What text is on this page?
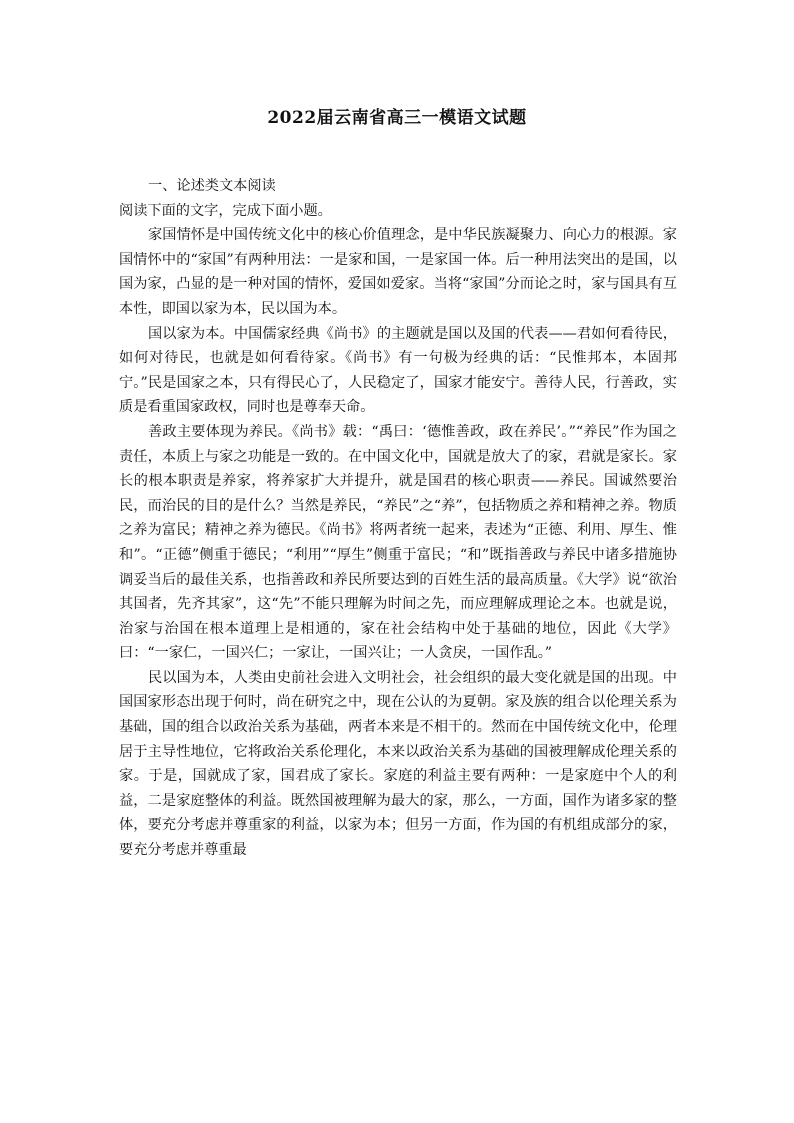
2022届云南省高三一模语文试题

一、论述类文本阅读

阅读下面的文字，完成下面小题。

家国情怀是中国传统文化中的核心价值理念，是中华民族凝聚力、向心力的根源。家国情怀中的“家国”有两种用法：一是家和国，一是家国一体。后一种用法突出的是国，以国为家，凸显的是一种对国的情怀，爱国如爱家。当将“家国”分而论之时，家与国具有互本性，即国以家为本，民以国为本。

国以家为本。中国儒家经典《尚书》的主题就是国以及国的代表——君如何看待民，如何对待民，也就是如何看待家。《尚书》有一句极为经典的话：“民惟邦本，本固邦宁。”民是国家之本，只有得民心了，人民稳定了，国家才能安宁。善待人民，行善政，实质是看重国家政权，同时也是尊奉天命。

善政主要体现为养民。《尚书》载：“禹曰：‘德惟善政，政在养民’。”“养民”作为国之责任，本质上与家之功能是一致的。在中国文化中，国就是放大了的家，君就是家长。家长的根本职责是养家，将养家扩大并提升，就是国君的核心职责——养民。国诚然要治民，而治民的目的是什么？当然是养民，“养民”之“养”，包括物质之养和精神之养。物质之养为富民；精神之养为德民。《尚书》将两者统一起来，表述为“正德、利用、厚生、惟和”。“正德”侧重于德民；“利用”“厚生”侧重于富民；“和”既指善政与养民中诸多措施协调妥当后的最佳关系，也指善政和养民所要达到的百姓生活的最高质量。《大学》说“欲治其国者，先齐其家”，这“先”不能只理解为时间之先，而应理解成理论之本。也就是说，治家与治国在根本道理上是相通的，家在社会结构中处于基础的地位，因此《大学》曰：“一家仁，一国兴仁；一家让，一国兴让；一人贪戾，一国作乱。”

民以国为本，人类由史前社会进入文明社会，社会组织的最大变化就是国的出现。中国国家形态出现于何时，尚在研究之中，现在公认的为夏朝。家及族的组合以伦理关系为基础，国的组合以政治关系为基础，两者本来是不相干的。然而在中国传统文化中，伦理居于主导性地位，它将政治关系伦理化，本来以政治关系为基础的国被理解成伦理关系的家。于是，国就成了家，国君成了家长。家庭的利益主要有两种：一是家庭中个人的利益，二是家庭整体的利益。既然国被理解为最大的家，那么，一方面，国作为诸多家的整体，要充分考虑并尊重家的利益，以家为本；但另一方面，作为国的有机组成部分的家，要充分考虑并尊重最
